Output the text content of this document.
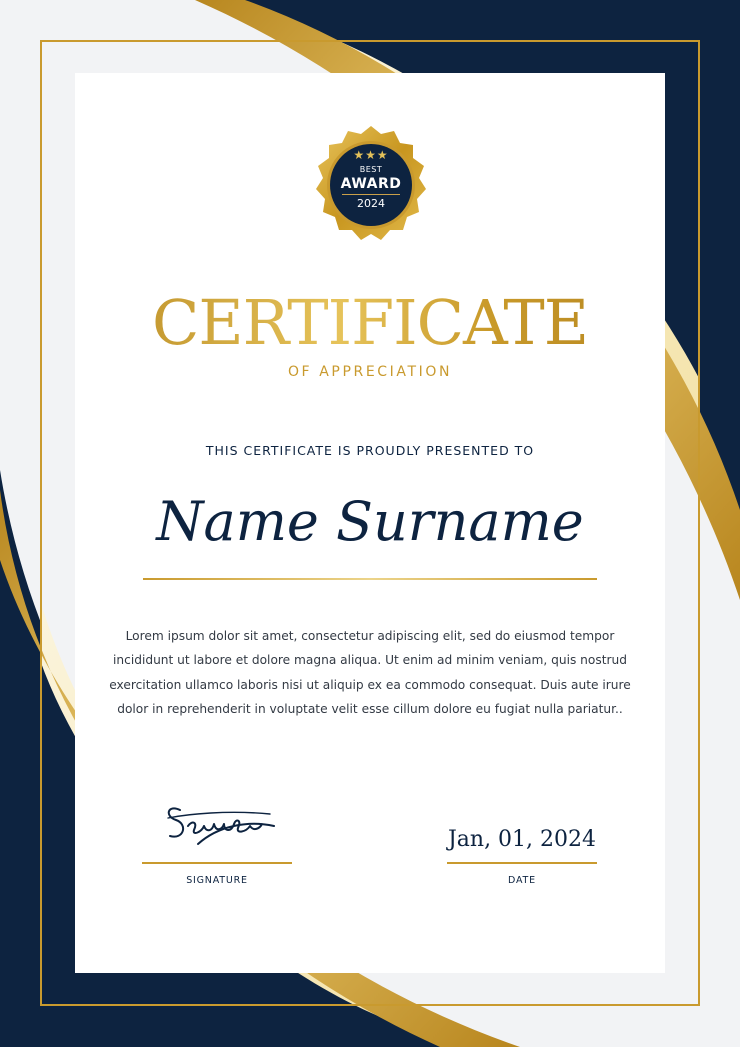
★★★
BEST
AWARD
2024
CERTIFICATE
OF APPRECIATION
THIS CERTIFICATE IS PROUDLY PRESENTED TO
Name Surname
Lorem ipsum dolor sit amet, consectetur adipiscing elit, sed do eiusmod tempor incididunt ut labore et dolore magna aliqua. Ut enim ad minim veniam, quis nostrud exercitation ullamco laboris nisi ut aliquip ex ea commodo consequat. Duis aute irure dolor in reprehenderit in voluptate velit esse cillum dolore eu fugiat nulla pariatur..
SIGNATURE
Jan, 01, 2024
DATE
